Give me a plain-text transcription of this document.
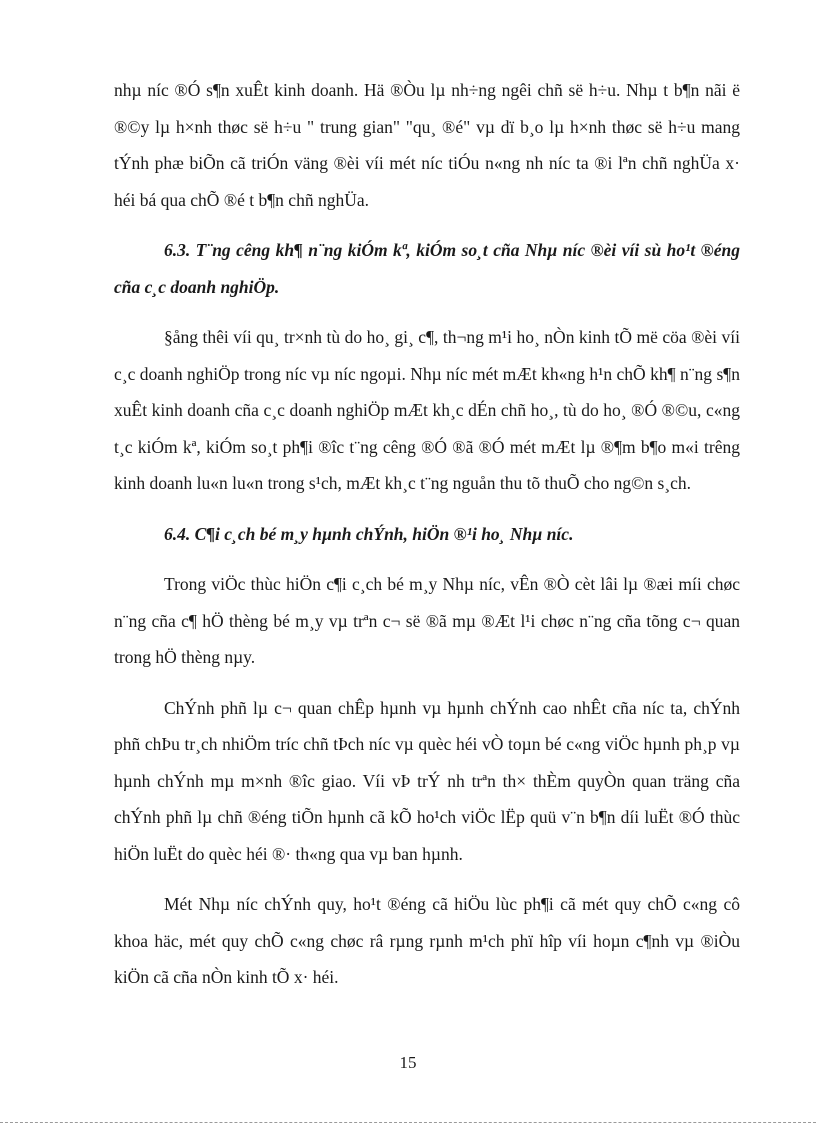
nhµ níc ®Ó s¶n xuÊt kinh doanh. Hä ®Òu lµ nh÷ng ngêi chñ së h÷u. Nhµ t b¶n nãi ë ®©y lµ h×nh thøc së h÷u " trung gian" "qu¸ ®é" vµ dï b¸o lµ h×nh thøc së h÷u mang tÝnh phæ biÕn cã triÓn väng ®èi víi mét níc tiÓu n«ng nh níc ta ®i lªn chñ nghÜa x· héi bá qua chÕ ®é t b¶n chñ nghÜa.

6.3. T¨ng cêng kh¶ n¨ng kiÓm kª, kiÓm so¸t cña Nhµ níc ®èi víi sù ho¹t ®éng cña c¸c doanh nghiÖp.

§ång thêi víi qu¸ tr×nh tù do ho¸ gi¸ c¶, th¬ng m¹i ho¸ nÒn kinh tÕ më cöa ®èi víi c¸c doanh nghiÖp trong níc vµ níc ngoµi. Nhµ níc mét mÆt kh«ng h¹n chÕ kh¶ n¨ng s¶n xuÊt kinh doanh cña c¸c doanh nghiÖp mÆt kh¸c dÉn chñ ho¸, tù do ho¸ ®Ó ®©u, c«ng t¸c kiÓm kª, kiÓm so¸t ph¶i ®îc t¨ng cêng ®Ó ®ã ®Ó mét mÆt lµ ®¶m b¶o m«i trêng kinh doanh lu«n lu«n trong s¹ch, mÆt kh¸c t¨ng nguån thu tõ thuÕ cho ng©n s¸ch.

6.4. C¶i c¸ch bé m¸y hµnh chÝnh, hiÖn ®¹i ho¸ Nhµ níc.

Trong viÖc thùc hiÖn c¶i c¸ch bé m¸y Nhµ níc, vÊn ®Ò cèt lâi lµ ®æi míi chøc n¨ng cña c¶ hÖ thèng bé m¸y vµ trªn c¬ së ®ã mµ ®Æt l¹i chøc n¨ng cña tõng c¬ quan trong hÖ thèng nµy.

ChÝnh phñ lµ c¬ quan chÊp hµnh vµ hµnh chÝnh cao nhÊt cña níc ta, chÝnh phñ chÞu tr¸ch nhiÖm tríc chñ tÞch níc vµ quèc héi vÒ toµn bé c«ng viÖc hµnh ph¸p vµ hµnh chÝnh mµ m×nh ®îc giao. Víi vÞ trÝ nh trªn th× thÈm quyÒn quan träng cña chÝnh phñ lµ chñ ®éng tiÕn hµnh cã kÕ ho¹ch viÖc lËp quü v¨n b¶n díi luËt ®Ó thùc hiÖn luËt do quèc héi ®· th«ng qua vµ ban hµnh.

Mét Nhµ níc chÝnh quy, ho¹t ®éng cã hiÖu lùc ph¶i cã mét quy chÕ c«ng cô khoa häc, mét quy chÕ c«ng chøc râ rµng rµnh m¹ch phï hîp víi hoµn c¶nh vµ ®iÒu kiÖn cã cña nÒn kinh tÕ x· héi.

15
